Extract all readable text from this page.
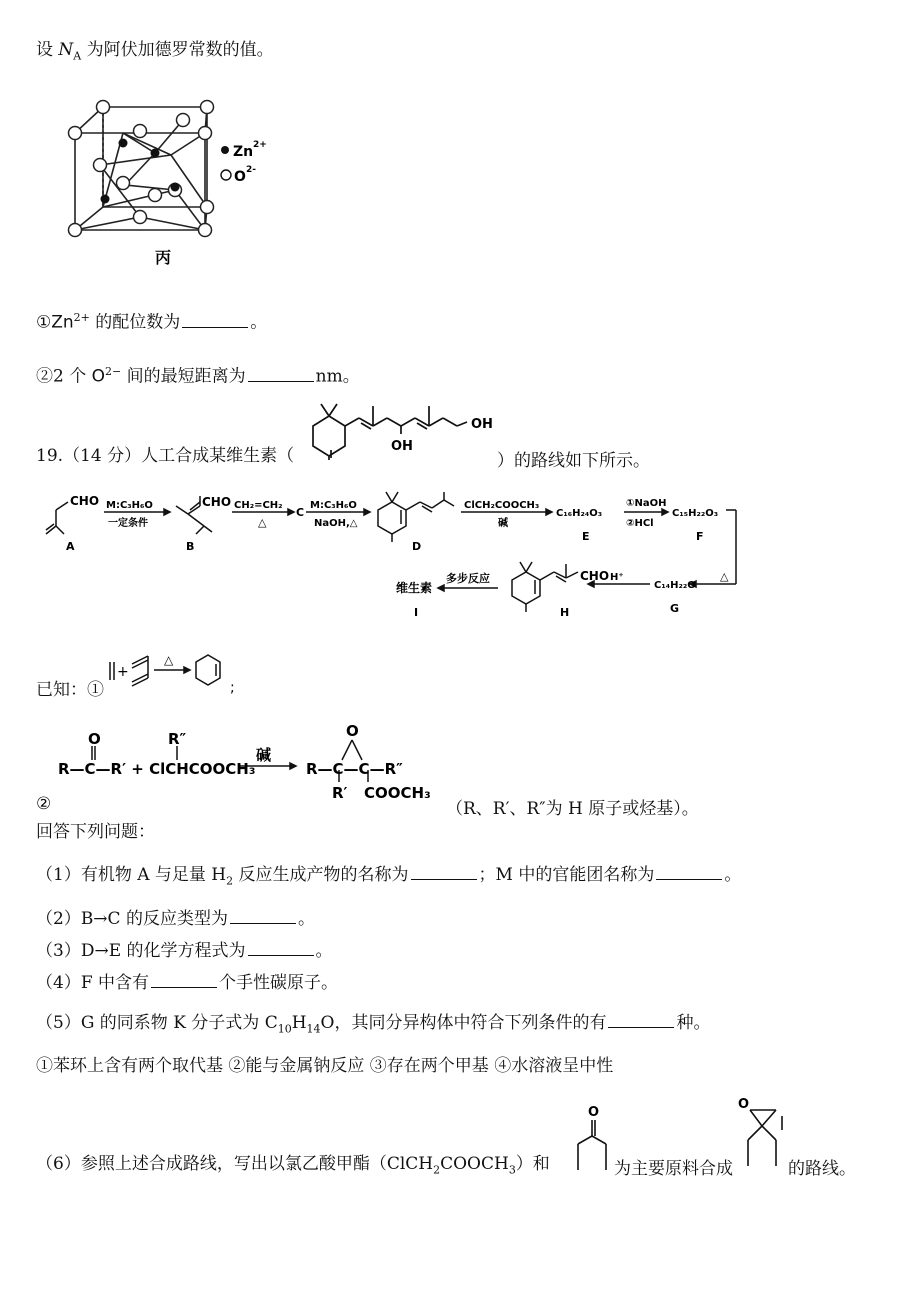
设 $N_A$ 为阿伏加德罗常数的值。
Zn 2+
O 2-
丙
$①Zn^{2+}$ 的配位数为	。
②2 个 $O^{2-}$ 间的最短距离为	nm。
19.（14 分）人工合成某维生素（	）的路线如下所示。
OH
OH
CHO
A
M:C₃H₆O
一定条件
CHO
B
CH₂=CH₂
△
C
M:C₃H₆O
NaOH,△
D
ClCH₂COOCH₃
碱
C₁₆H₂₄O₃
E
①NaOH
②HCl
C₁₅H₂₂O₃
F
△
C₁₄H₂₂O
G
H⁺
CHO
H
多步反应
维生素
I
已知：①
+
△
;
O	R″
R—C—R′ + ClCHCOOCH₃
碱
O
R—C—C—R″
R′ COOCH₃
②	（R、R′、R″为 H 原子或烃基）。
回答下列问题：
（1）有机物 A 与足量 $H_2$ 反应生成产物的名称为	；M 中的官能团名称为	。
（2）B→C 的反应类型为	。
（3）D→E 的化学方程式为	。
（4）F 中含有	个手性碳原子。
（5）G 的同系物 K 分子式为 $C_{10}H_{14}O$，其同分异构体中符合下列条件的有	种。
①苯环上含有两个取代基 ②能与金属钠反应 ③存在两个甲基 ④水溶液呈中性
（6）参照上述合成路线，写出以氯乙酸甲酯$(ClCH_2COOCH_3)$和
O
为主要原料合成
O
的路线。
